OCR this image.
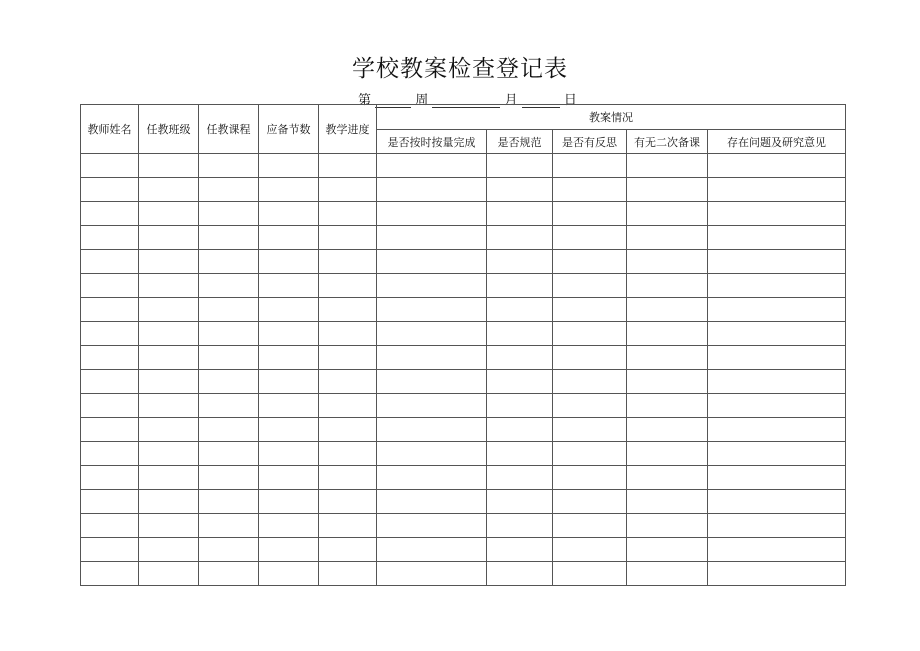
学校教案检查登记表
第	周	月	日
教师姓名	任教班级	任教课程	应备节数	教学进度	教案情况				
					是否按时按量完成	是否规范	是否有反思	有无二次备课	存在问题及研究意见
